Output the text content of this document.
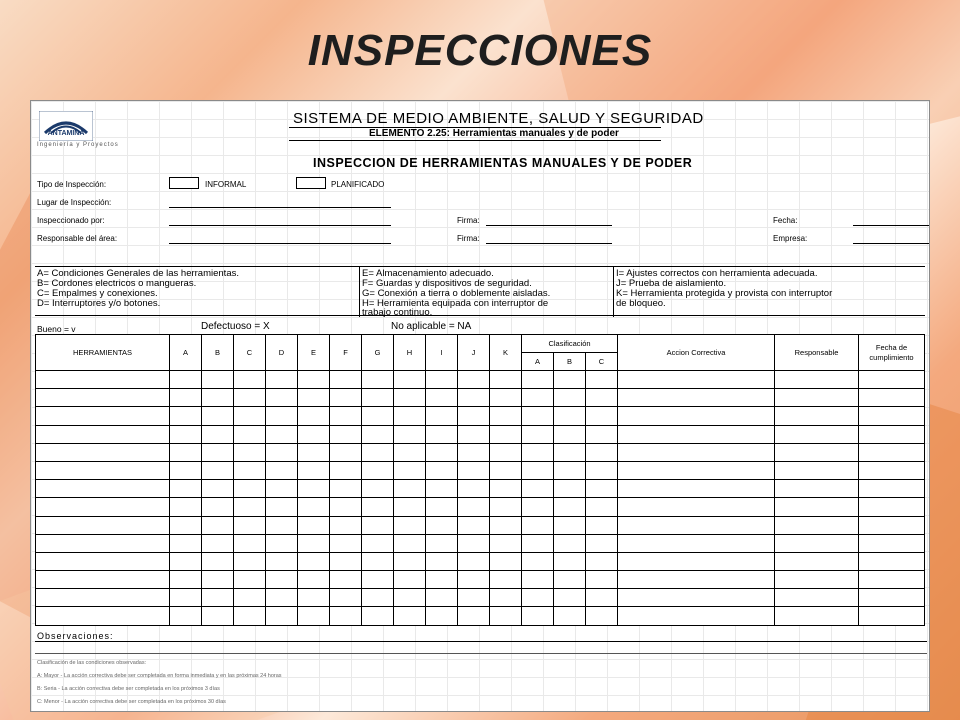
INSPECCIONES
ANTAMINA
Ingeniería y Proyectos
SISTEMA DE MEDIO AMBIENTE, SALUD Y SEGURIDAD
ELEMENTO 2.25: Herramientas manuales y de poder
INSPECCION DE HERRAMIENTAS MANUALES Y DE PODER
Tipo de Inspección:	INFORMAL	PLANIFICADO
Lugar de Inspección:
Inspeccionado por:	Firma:	Fecha:
Responsable del área:	Firma:	Empresa:
A= Condiciones Generales de las herramientas.
B= Cordones electricos o mangueras.
C= Empalmes y conexiones.
D= Interruptores y/o botones.
E= Almacenamiento adecuado.
F= Guardas y dispositivos de seguridad.
G= Conexión a tierra o doblemente aisladas.
H= Herramienta equipada con interruptor de
trabajo continuo.
I= Ajustes correctos con herramienta adecuada.
J= Prueba de aislamiento.
K= Herramienta protegida y provista con interruptor
de bloqueo.
Bueno = v	Defectuoso = X	No aplicable = NA
HERRAMIENTAS	A	B	C	D	E	F	G	H	I	J	K	Clasificación			Accion Correctiva	Responsable	Fecha de cumplimiento
												A	B	C			

Observaciones:
Clasificación de las condiciones observadas:
A: Mayor - La acción correctiva debe ser completada en forma inmediata y en las próximas 24 horas
B: Seria - La acción correctiva debe ser completada en los próximos 3 días
C: Menor - La acción correctiva debe ser completada en los próximos 30 días
